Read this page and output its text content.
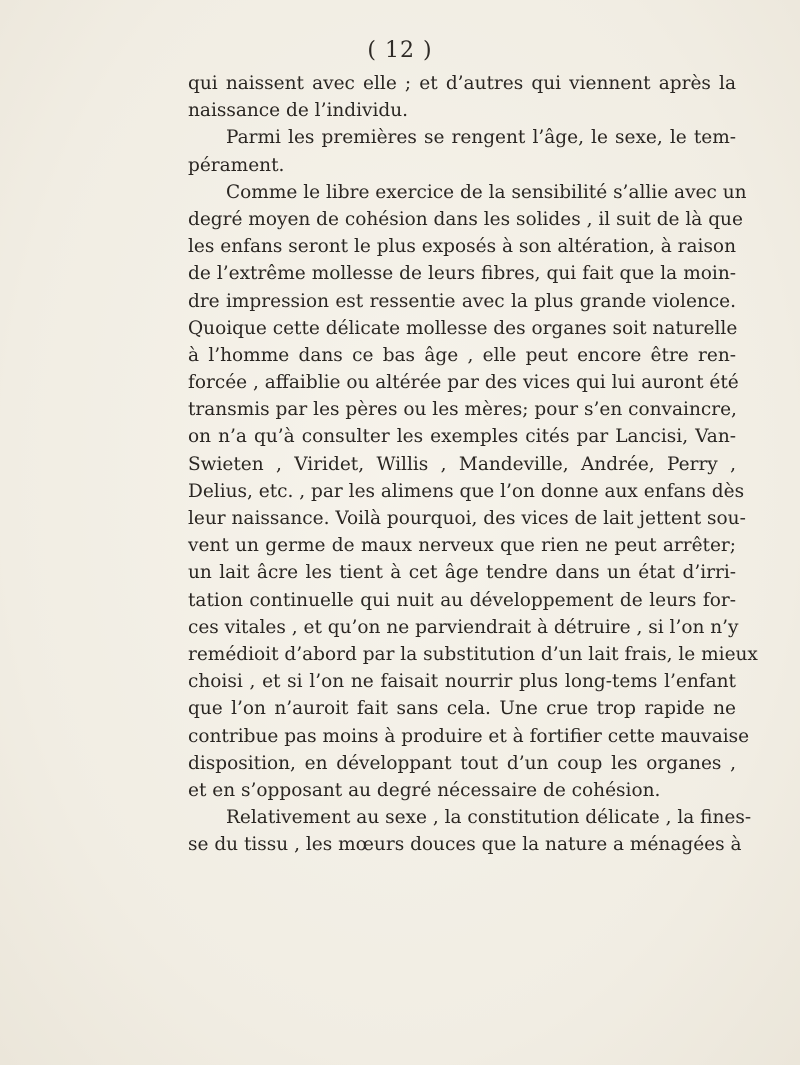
( 12 )
qui naissent avec elle ; et d’autres qui viennent après la
naissance de l’individu.
Parmi les premières se rengent l’âge, le sexe, le tem-
pérament.
Comme le libre exercice de la sensibilité s’allie avec un
degré moyen de cohésion dans les solides , il suit de là que
les enfans seront le plus exposés à son altération, à raison
de l’extrême mollesse de leurs fibres, qui fait que la moin-
dre impression est ressentie avec la plus grande violence.
Quoique cette délicate mollesse des organes soit naturelle
à l’homme dans ce bas âge , elle peut encore être ren-
forcée , affaiblie ou altérée par des vices qui lui auront été
transmis par les pères ou les mères; pour s’en convaincre,
on n’a qu’à consulter les exemples cités par Lancisi, Van-
Swieten , Viridet, Willis , Mandeville, Andrée, Perry ,
Delius, etc. , par les alimens que l’on donne aux enfans dès
leur naissance. Voilà pourquoi, des vices de lait jettent sou-
vent un germe de maux nerveux que rien ne peut arrêter;
un lait âcre les tient à cet âge tendre dans un état d’irri-
tation continuelle qui nuit au développement de leurs for-
ces vitales , et qu’on ne parviendrait à détruire , si l’on n’y
remédioit d’abord par la substitution d’un lait frais, le mieux
choisi , et si l’on ne faisait nourrir plus long-tems l’enfant
que l’on n’auroit fait sans cela. Une crue trop rapide ne
contribue pas moins à produire et à fortifier cette mauvaise
disposition, en développant tout d’un coup les organes ,
et en s’opposant au degré nécessaire de cohésion.
Relativement au sexe , la constitution délicate , la fines-
se du tissu , les mœurs douces que la nature a ménagées à
